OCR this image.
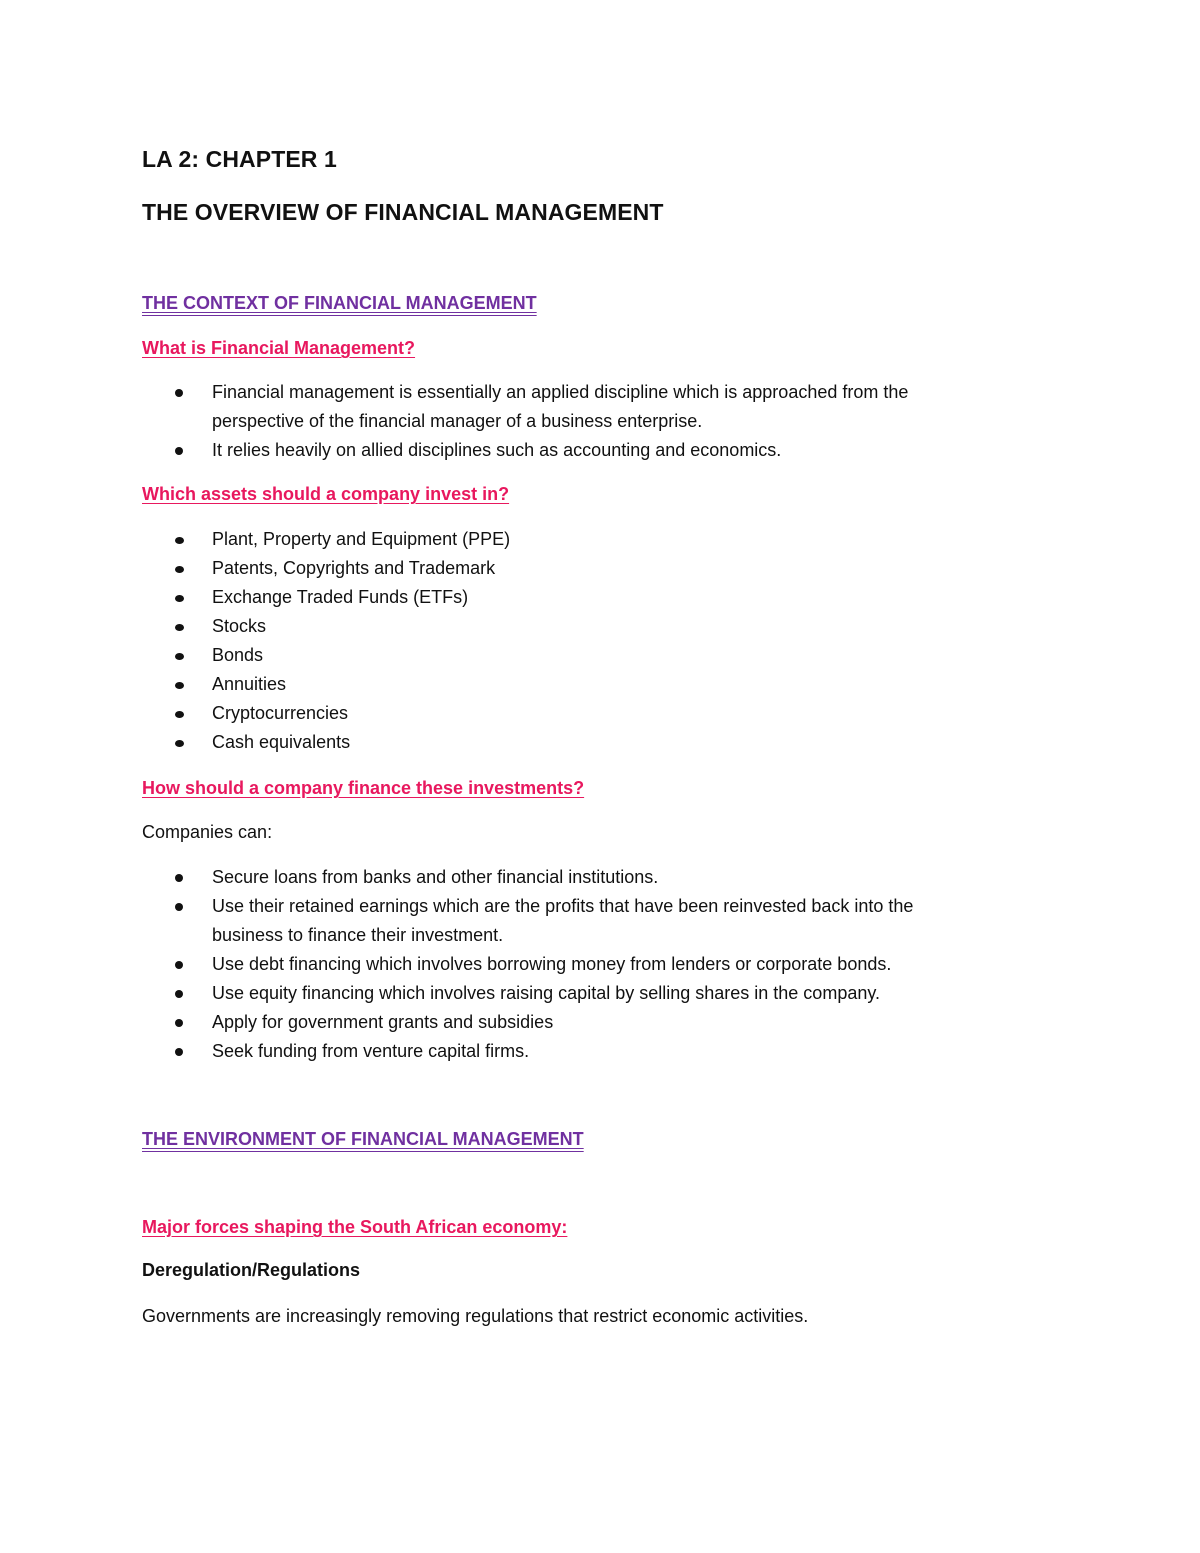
LA 2: CHAPTER 1
THE OVERVIEW OF FINANCIAL MANAGEMENT
THE CONTEXT OF FINANCIAL MANAGEMENT
What is Financial Management?
Financial management is essentially an applied discipline which is approached from the
perspective of the financial manager of a business enterprise.
It relies heavily on allied disciplines such as accounting and economics.
Which assets should a company invest in?
Plant, Property and Equipment (PPE)
Patents, Copyrights and Trademark
Exchange Traded Funds (ETFs)
Stocks
Bonds
Annuities
Cryptocurrencies
Cash equivalents
How should a company finance these investments?

Companies can:

Secure loans from banks and other financial institutions.
Use their retained earnings which are the profits that have been reinvested back into the
business to finance their investment.
Use debt financing which involves borrowing money from lenders or corporate bonds.
Use equity financing which involves raising capital by selling shares in the company.
Apply for government grants and subsidies
Seek funding from venture capital firms.
THE ENVIRONMENT OF FINANCIAL MANAGEMENT
Major forces shaping the South African economy:
Deregulation/Regulations

Governments are increasingly removing regulations that restrict economic activities.
